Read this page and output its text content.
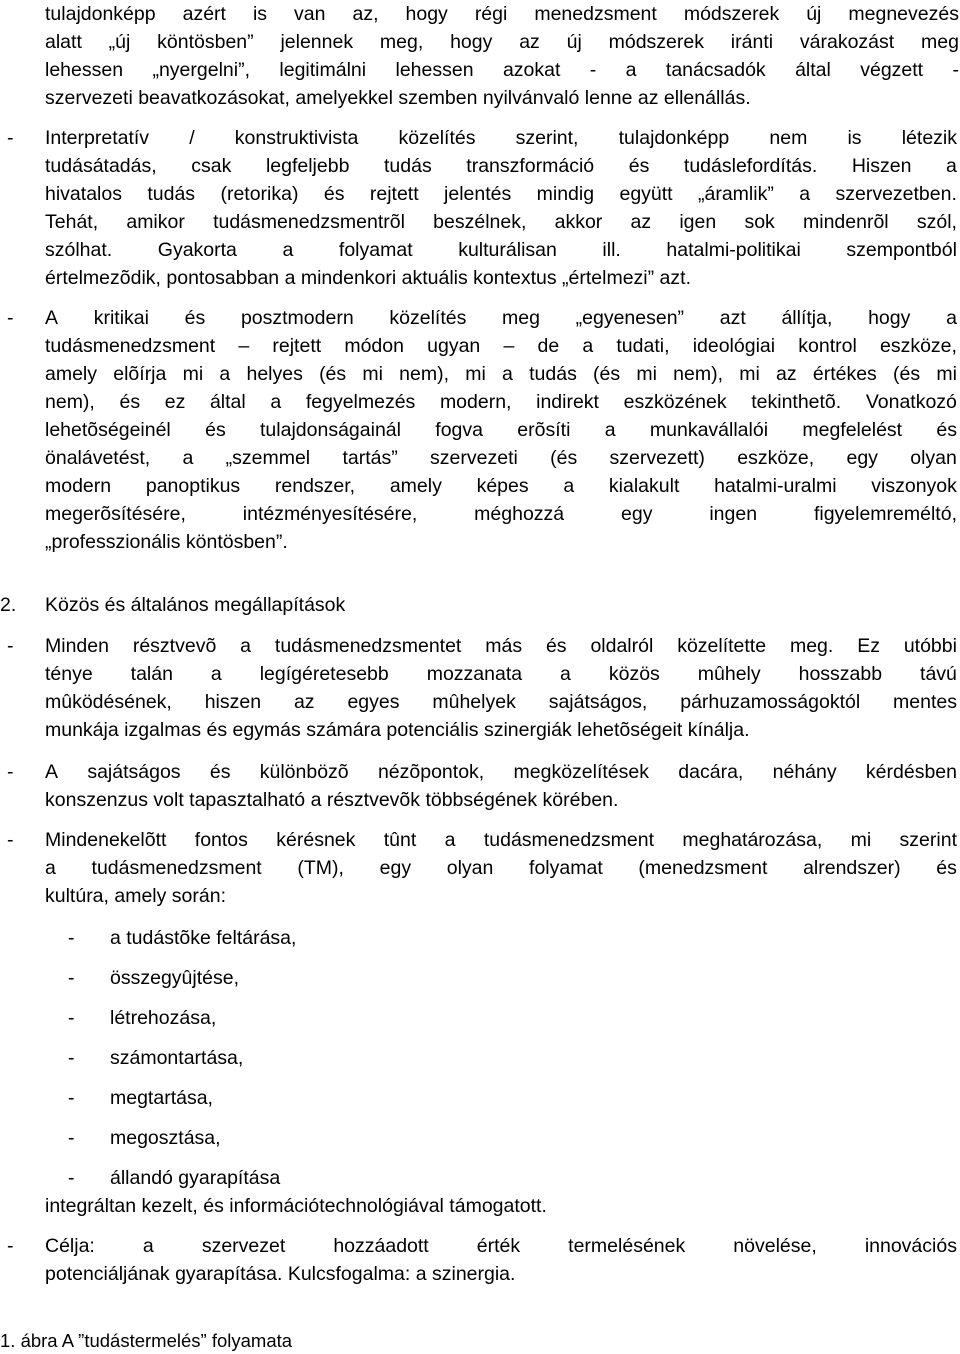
tulajdonképp azért is van az, hogy régi menedzsment módszerek új megnevezés
alatt „új köntösben” jelennek meg, hogy az új módszerek iránti várakozást meg
lehessen „nyergelni”, legitimálni lehessen azokat - a tanácsadók által végzett -
szervezeti beavatkozásokat, amelyekkel szemben nyilvánvaló lenne az ellenállás.
- Interpretatív / konstruktivista közelítés szerint, tulajdonképp nem is létezik
tudásátadás, csak legfeljebb tudás transzformáció és tudáslefordítás. Hiszen a
hivatalos tudás (retorika) és rejtett jelentés mindig együtt „áramlik” a szervezetben.
Tehát, amikor tudásmenedzsmentrõl beszélnek, akkor az igen sok mindenrõl szól,
szólhat. Gyakorta a folyamat kulturálisan ill. hatalmi-politikai szempontból
értelmezõdik, pontosabban a mindenkori aktuális kontextus „értelmezi” azt.
- A kritikai és posztmodern közelítés meg „egyenesen” azt állítja, hogy a
tudásmenedzsment – rejtett módon ugyan – de a tudati, ideológiai kontrol eszköze,
amely elõírja mi a helyes (és mi nem), mi a tudás (és mi nem), mi az értékes (és mi
nem), és ez által a fegyelmezés modern, indirekt eszközének tekinthetõ. Vonatkozó
lehetõségeinél és tulajdonságainál fogva erõsíti a munkavállalói megfelelést és
önalávetést, a „szemmel tartás” szervezeti (és szervezett) eszköze, egy olyan
modern panoptikus rendszer, amely képes a kialakult hatalmi-uralmi viszonyok
megerõsítésére,	intézményesítésére,	méghozzá	egy	ingen	figyelemreméltó,
„professzionális köntösben”.
2. Közös és általános megállapítások
- Minden résztvevõ a tudásmenedzsmentet más és oldalról közelítette meg. Ez utóbbi
ténye talán a legígéretesebb mozzanata a közös mûhely hosszabb távú
mûködésének, hiszen az egyes mûhelyek sajátságos, párhuzamosságoktól mentes
munkája izgalmas és egymás számára potenciális szinergiák lehetõségeit kínálja.
- A sajátságos és különbözõ nézõpontok, megközelítések dacára, néhány kérdésben
konszenzus volt tapasztalható a résztvevõk többségének körében.
- Mindenekelõtt fontos kérésnek tûnt a tudásmenedzsment meghatározása, mi szerint
a tudásmenedzsment (TM), egy olyan folyamat (menedzsment alrendszer) és
kultúra, amely során:
- a tudástõke feltárása,
- összegyûjtése,
- létrehozása,
- számontartása,
- megtartása,
- megosztása,
- állandó gyarapítása
integráltan kezelt, és információtechnológiával támogatott.
- Célja: a szervezet hozzáadott érték termelésének növelése, innovációs
potenciáljának gyarapítása. Kulcsfogalma: a szinergia.
1. ábra A ”tudástermelés” folyamata
